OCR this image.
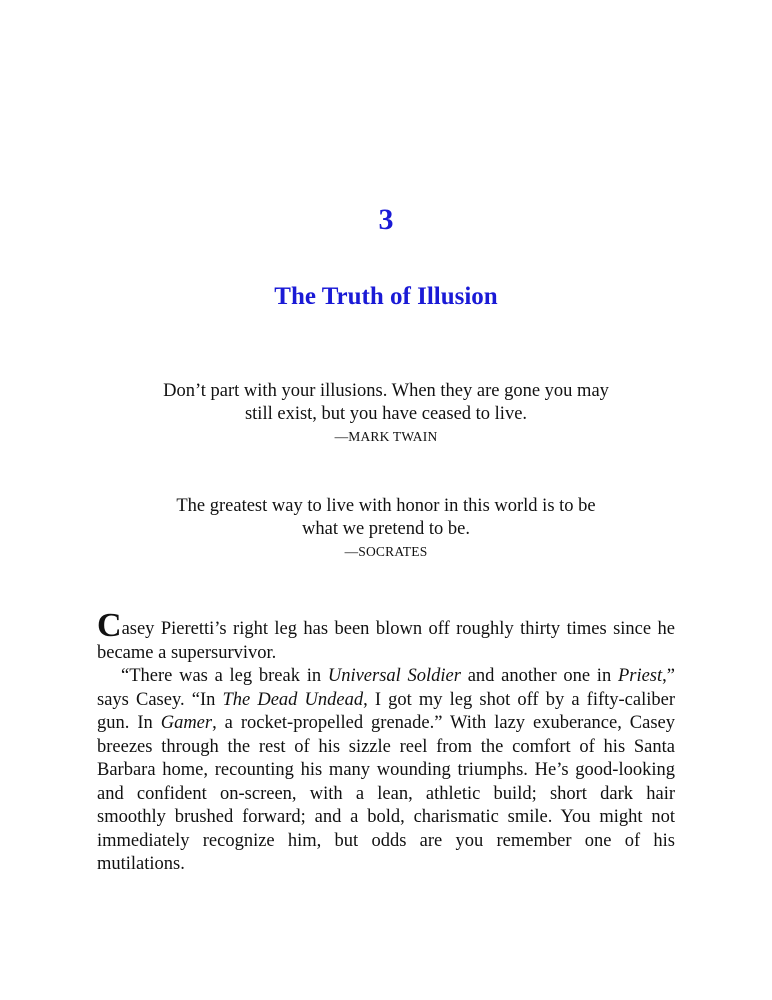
3
The Truth of Illusion

Don’t part with your illusions. When they are gone you may
still exist, but you have ceased to live.

—MARK TWAIN

The greatest way to live with honor in this world is to be
what we pretend to be.

—SOCRATES

Casey Pieretti’s right leg has been blown off roughly thirty times since he
became a supersurvivor.

“There was a leg break in Universal Soldier and another one in Priest,”
says Casey. “In The Dead Undead, I got my leg shot off by a fifty-caliber
gun. In Gamer, a rocket-propelled grenade.” With lazy exuberance, Casey
breezes through the rest of his sizzle reel from the comfort of his Santa
Barbara home, recounting his many wounding triumphs. He’s good-looking
and confident on-screen, with a lean, athletic build; short dark hair
smoothly brushed forward; and a bold, charismatic smile. You might not
immediately recognize him, but odds are you remember one of his
mutilations.
